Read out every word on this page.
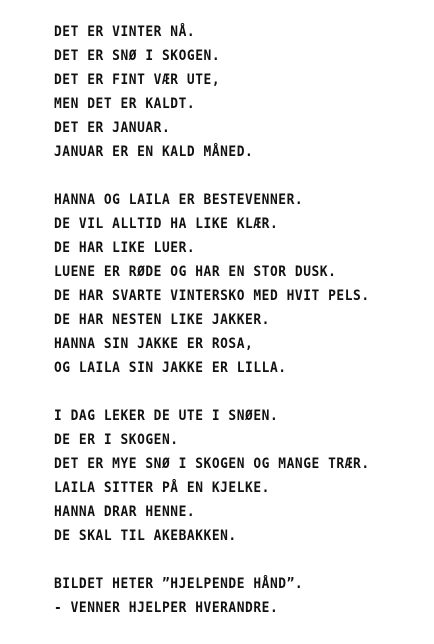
DET ER VINTER NÅ.
DET ER SNØ I SKOGEN.
DET ER FINT VÆR UTE,
MEN DET ER KALDT.
DET ER JANUAR.
JANUAR ER EN KALD MÅNED.
HANNA OG LAILA ER BESTEVENNER.
DE VIL ALLTID HA LIKE KLÆR.
DE HAR LIKE LUER.
LUENE ER RØDE OG HAR EN STOR DUSK.
DE HAR SVARTE VINTERSKO MED HVIT PELS.
DE HAR NESTEN LIKE JAKKER.
HANNA SIN JAKKE ER ROSA,
OG LAILA SIN JAKKE ER LILLA.
I DAG LEKER DE UTE I SNØEN.
DE ER I SKOGEN.
DET ER MYE SNØ I SKOGEN OG MANGE TRÆR.
LAILA SITTER PÅ EN KJELKE.
HANNA DRAR HENNE.
DE SKAL TIL AKEBAKKEN.
BILDET HETER ”HJELPENDE HÅND”.
- VENNER HJELPER HVERANDRE.
